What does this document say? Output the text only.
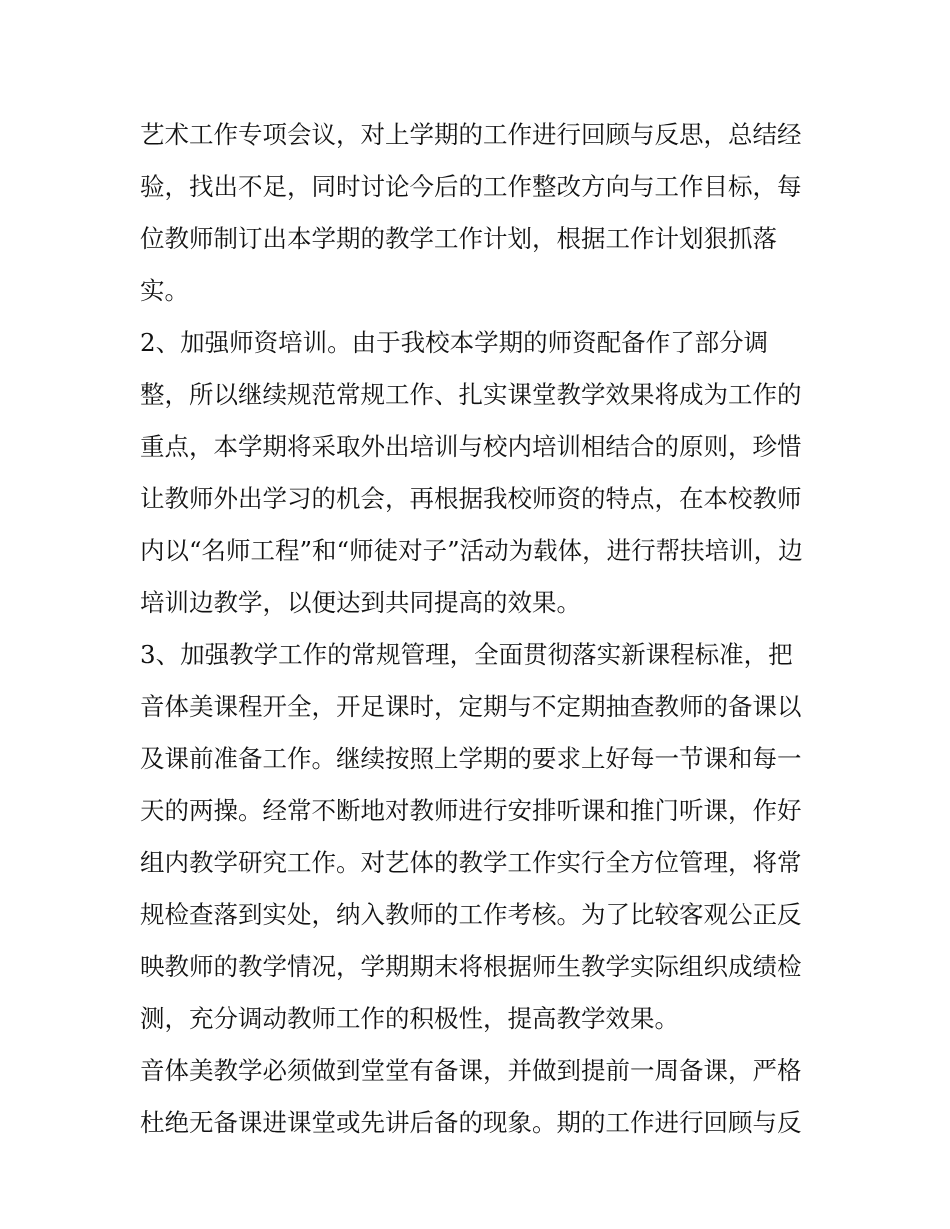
艺术工作专项会议，对上学期的工作进行回顾与反思，总结经
验，找出不足，同时讨论今后的工作整改方向与工作目标，每
位教师制订出本学期的教学工作计划，根据工作计划狠抓落
实。
2、加强师资培训。由于我校本学期的师资配备作了部分调
整，所以继续规范常规工作、扎实课堂教学效果将成为工作的
重点，本学期将采取外出培训与校内培训相结合的原则，珍惜
让教师外出学习的机会，再根据我校师资的特点，在本校教师
内以“名师工程”和“师徒对子”活动为载体，进行帮扶培训，边
培训边教学，以便达到共同提高的效果。
3、加强教学工作的常规管理，全面贯彻落实新课程标准，把
音体美课程开全，开足课时，定期与不定期抽查教师的备课以
及课前准备工作。继续按照上学期的要求上好每一节课和每一
天的两操。经常不断地对教师进行安排听课和推门听课，作好
组内教学研究工作。对艺体的教学工作实行全方位管理，将常
规检查落到实处，纳入教师的工作考核。为了比较客观公正反
映教师的教学情况，学期期末将根据师生教学实际组织成绩检
测，充分调动教师工作的积极性，提高教学效果。
音体美教学必须做到堂堂有备课，并做到提前一周备课，严格
杜绝无备课进课堂或先讲后备的现象。期的工作进行回顾与反
